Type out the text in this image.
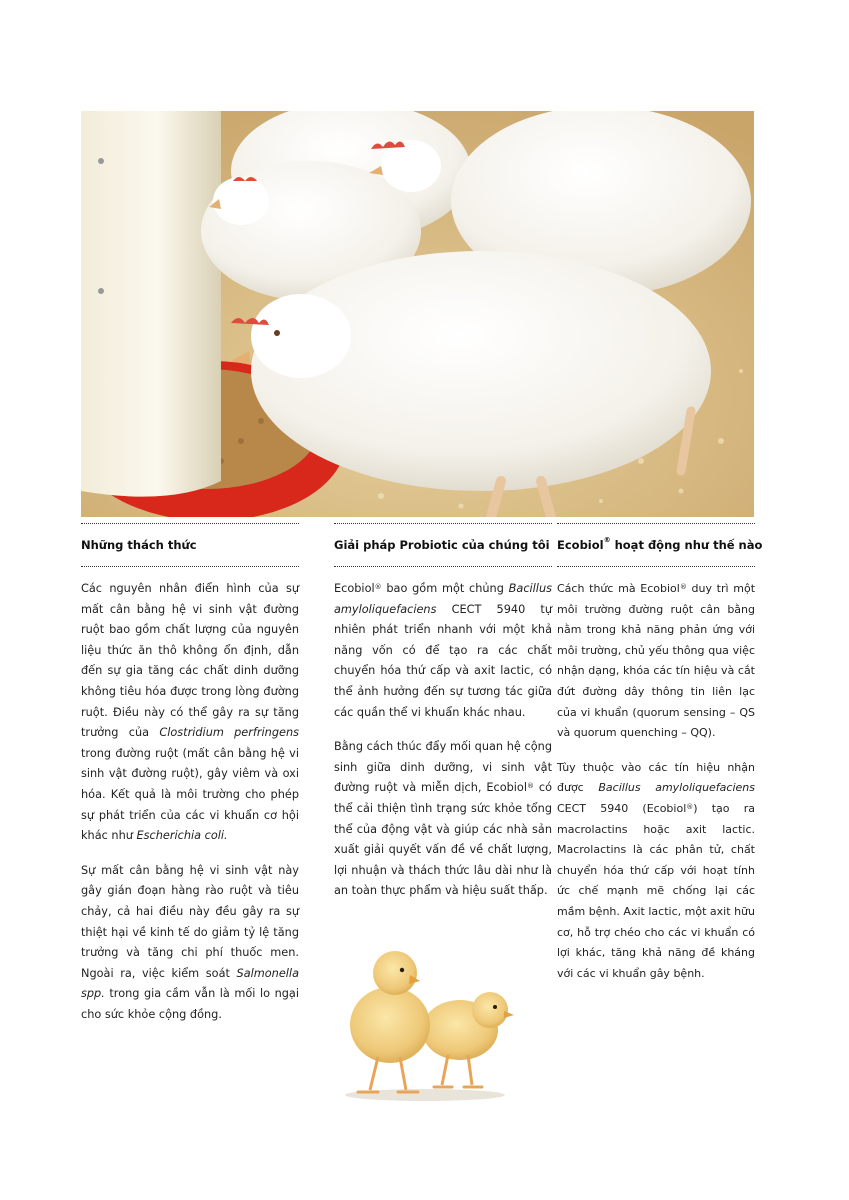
Những thách thức

Các nguyên nhân điển hình của sự mất cân bằng hệ vi sinh vật đường ruột bao gồm chất lượng của nguyên liệu thức ăn thô không ổn định, dẫn đến sự gia tăng các chất dinh dưỡng không tiêu hóa được trong lòng đường ruột. Điều này có thể gây ra sự tăng trưởng của Clostridium perfringens trong đường ruột (mất cân bằng hệ vi sinh vật đường ruột), gây viêm và oxi hóa. Kết quả là môi trường cho phép sự phát triển của các vi khuẩn cơ hội khác như Escherichia coli.

Sự mất cân bằng hệ vi sinh vật này gây gián đoạn hàng rào ruột và tiêu chảy, cả hai điều này đều gây ra sự thiệt hại về kinh tế do giảm tỷ lệ tăng trưởng và tăng chi phí thuốc men. Ngoài ra, việc kiểm soát Salmonella spp. trong gia cầm vẫn là mối lo ngại cho sức khỏe cộng đồng.

Giải pháp Probiotic của chúng tôi

Ecobiol® bao gồm một chủng Bacillus amyloliquefaciens CECT 5940 tự nhiên phát triển nhanh với một khả năng vốn có để tạo ra các chất chuyển hóa thứ cấp và axit lactic, có thể ảnh hưởng đến sự tương tác giữa các quần thể vi khuẩn khác nhau.

Bằng cách thúc đẩy mối quan hệ cộng sinh giữa dinh dưỡng, vi sinh vật đường ruột và miễn dịch, Ecobiol® có thể cải thiện tình trạng sức khỏe tổng thể của động vật và giúp các nhà sản xuất giải quyết vấn đề về chất lượng, lợi nhuận và thách thức lâu dài như là an toàn thực phẩm và hiệu suất thấp.

Ecobiol® hoạt động như thế nào

Cách thức mà Ecobiol® duy trì một môi trường đường ruột cân bằng nằm trong khả năng phản ứng với môi trường, chủ yếu thông qua việc nhận dạng, khóa các tín hiệu và cắt đứt đường dây thông tin liên lạc của vi khuẩn (quorum sensing – QS và quorum quenching – QQ).

Tùy thuộc vào các tín hiệu nhận được Bacillus amyloliquefaciens CECT 5940 (Ecobiol®) tạo ra macrolactins hoặc axit lactic. Macrolactins là các phân tử, chất chuyển hóa thứ cấp với hoạt tính ức chế mạnh mẽ chống lại các mầm bệnh. Axit lactic, một axit hữu cơ, hỗ trợ chéo cho các vi khuẩn có lợi khác, tăng khả năng đề kháng với các vi khuẩn gây bệnh.
